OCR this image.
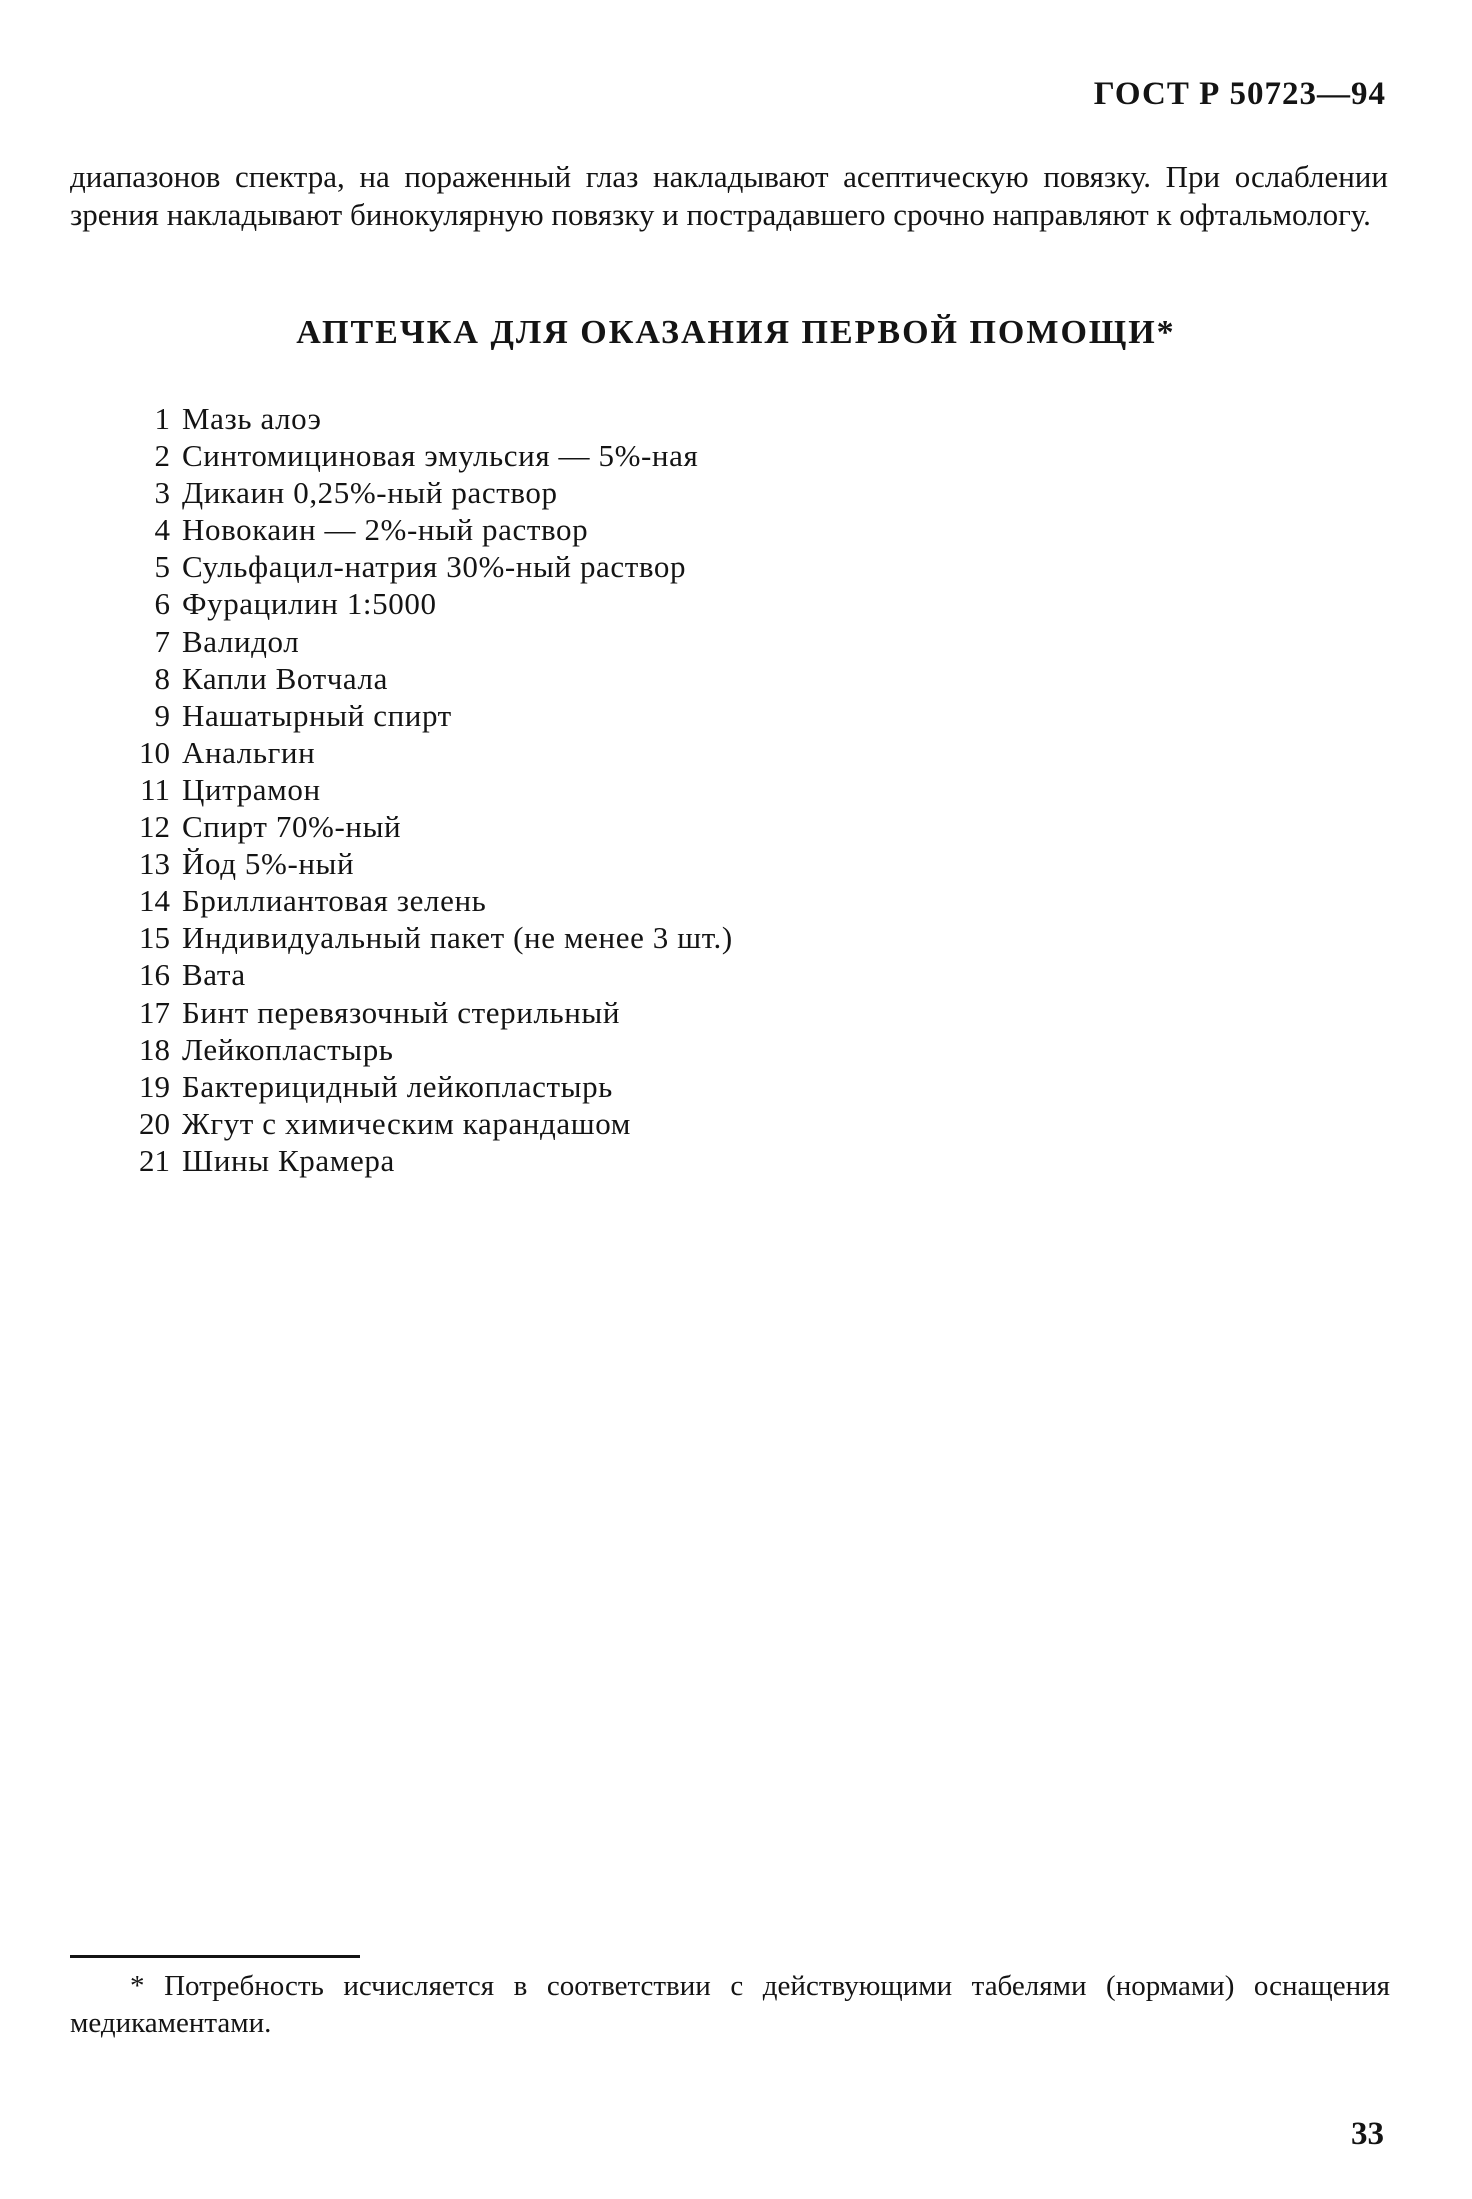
ГОСТ Р 50723—94

диапазонов спектра, на пораженный глаз накладывают асептическую повязку. При ослаблении зрения накладывают бинокулярную повязку и пострадавшего срочно направляют к офтальмологу.

АПТЕЧКА ДЛЯ ОКАЗАНИЯ ПЕРВОЙ ПОМОЩИ*
1 Мазь алоэ
2 Синтомициновая эмульсия — 5%-ная
3 Дикаин 0,25%-ный раствор
4 Новокаин — 2%-ный раствор
5 Сульфацил-натрия 30%-ный раствор
6 Фурацилин 1:5000
7 Валидол
8 Капли Вотчала
9 Нашатырный спирт
10 Анальгин
11 Цитрамон
12 Спирт 70%-ный
13 Йод 5%-ный
14 Бриллиантовая зелень
15 Индивидуальный пакет (не менее 3 шт.)
16 Вата
17 Бинт перевязочный стерильный
18 Лейкопластырь
19 Бактерицидный лейкопластырь
20 Жгут с химическим карандашом
21 Шины Крамера

* Потребность исчисляется в соответствии с действующими табелями (нормами) оснащения медикаментами.

33
